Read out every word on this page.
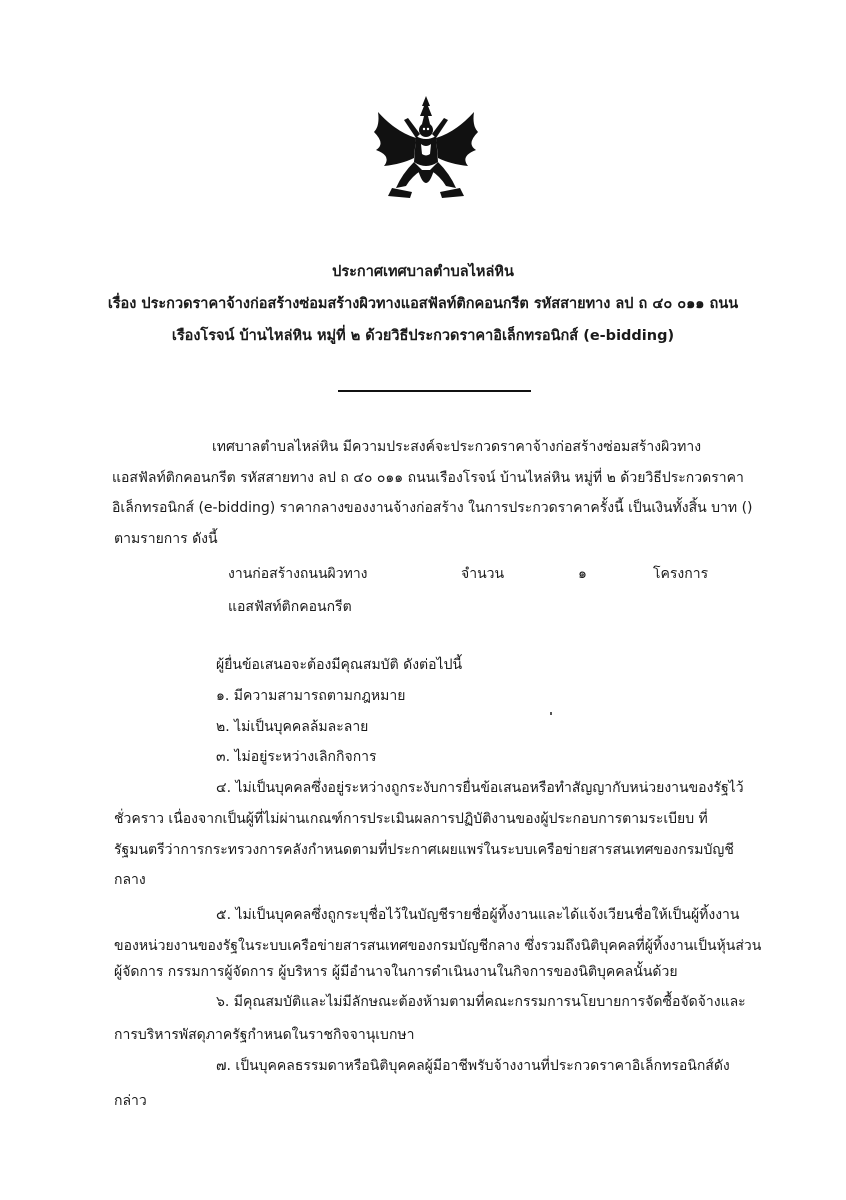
ประกาศเทศบาลตำบลไหล่หิน
เรื่อง ประกวดราคาจ้างก่อสร้างซ่อมสร้างผิวทางแอสฟัลท์ติกคอนกรีต รหัสสายทาง ลป ถ ๔๐ ๐๑๑ ถนน
เรืองโรจน์ บ้านไหล่หิน หมู่ที่ ๒ ด้วยวิธีประกวดราคาอิเล็กทรอนิกส์ (e-bidding)
เทศบาลตำบลไหล่หิน มีความประสงค์จะประกวดราคาจ้างก่อสร้างซ่อมสร้างผิวทาง
แอสฟัลท์ติกคอนกรีต รหัสสายทาง ลป ถ ๔๐ ๐๑๑ ถนนเรืองโรจน์ บ้านไหล่หิน หมู่ที่ ๒ ด้วยวิธีประกวดราคา
อิเล็กทรอนิกส์ (e-bidding) ราคากลางของงานจ้างก่อสร้าง ในการประกวดราคาครั้งนี้ เป็นเงินทั้งสิ้น บาท ()
ตามรายการ ดังนี้
งานก่อสร้างถนนผิวทาง	จำนวน	๑	โครงการ
แอสฟัสท์ติกคอนกรีต
ผู้ยื่นข้อเสนอจะต้องมีคุณสมบัติ ดังต่อไปนี้
๑. มีความสามารถตามกฎหมาย
๒. ไม่เป็นบุคคลล้มละลาย
๓. ไม่อยู่ระหว่างเลิกกิจการ
๔. ไม่เป็นบุคคลซึ่งอยู่ระหว่างถูกระงับการยื่นข้อเสนอหรือทำสัญญากับหน่วยงานของรัฐไว้
ชั่วคราว เนื่องจากเป็นผู้ที่ไม่ผ่านเกณฑ์การประเมินผลการปฏิบัติงานของผู้ประกอบการตามระเบียบ ที่
รัฐมนตรีว่าการกระทรวงการคลังกำหนดตามที่ประกาศเผยแพร่ในระบบเครือข่ายสารสนเทศของกรมบัญชี
กลาง
๕. ไม่เป็นบุคคลซึ่งถูกระบุชื่อไว้ในบัญชีรายชื่อผู้ทิ้งงานและได้แจ้งเวียนชื่อให้เป็นผู้ทิ้งงาน
ของหน่วยงานของรัฐในระบบเครือข่ายสารสนเทศของกรมบัญชีกลาง ซึ่งรวมถึงนิติบุคคลที่ผู้ทิ้งงานเป็นหุ้นส่วน
ผู้จัดการ กรรมการผู้จัดการ ผู้บริหาร ผู้มีอำนาจในการดำเนินงานในกิจการของนิติบุคคลนั้นด้วย
๖. มีคุณสมบัติและไม่มีลักษณะต้องห้ามตามที่คณะกรรมการนโยบายการจัดซื้อจัดจ้างและ
การบริหารพัสดุภาครัฐกำหนดในราชกิจจานุเบกษา
๗. เป็นบุคคลธรรมดาหรือนิติบุคคลผู้มีอาชีพรับจ้างงานที่ประกวดราคาอิเล็กทรอนิกส์ดัง
กล่าว
